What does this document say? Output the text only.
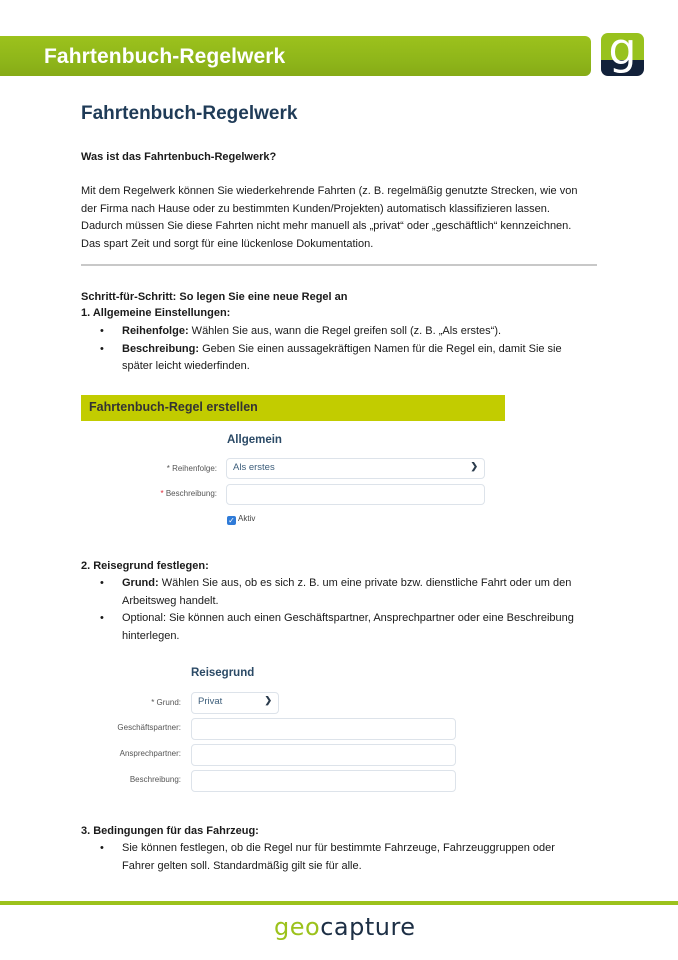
Fahrtenbuch-Regelwerk	g
Fahrtenbuch-Regelwerk
Was ist das Fahrtenbuch-Regelwerk?
Mit dem Regelwerk können Sie wiederkehrende Fahrten (z. B. regelmäßig genutzte Strecken, wie von
der Firma nach Hause oder zu bestimmten Kunden/Projekten) automatisch klassifizieren lassen.
Dadurch müssen Sie diese Fahrten nicht mehr manuell als „privat“ oder „geschäftlich“ kennzeichnen.
Das spart Zeit und sorgt für eine lückenlose Dokumentation.
Schritt-für-Schritt: So legen Sie eine neue Regel an
1. Allgemeine Einstellungen:
• Reihenfolge: Wählen Sie aus, wann die Regel greifen soll (z. B. „Als erstes“).
• Beschreibung: Geben Sie einen aussagekräftigen Namen für die Regel ein, damit Sie sie
später leicht wiederfinden.
Fahrtenbuch-Regel erstellen
Allgemein
* Reihenfolge:	Als erstes	❯
* Beschreibung:
✓ Aktiv
2. Reisegrund festlegen:
• Grund: Wählen Sie aus, ob es sich z. B. um eine private bzw. dienstliche Fahrt oder um den
Arbeitsweg handelt.
• Optional: Sie können auch einen Geschäftspartner, Ansprechpartner oder eine Beschreibung
hinterlegen.
Reisegrund
* Grund:	Privat	❯
Geschäftspartner:
Ansprechpartner:
Beschreibung:
3. Bedingungen für das Fahrzeug:
• Sie können festlegen, ob die Regel nur für bestimmte Fahrzeuge, Fahrzeuggruppen oder
Fahrer gelten soll. Standardmäßig gilt sie für alle.
geocapture
